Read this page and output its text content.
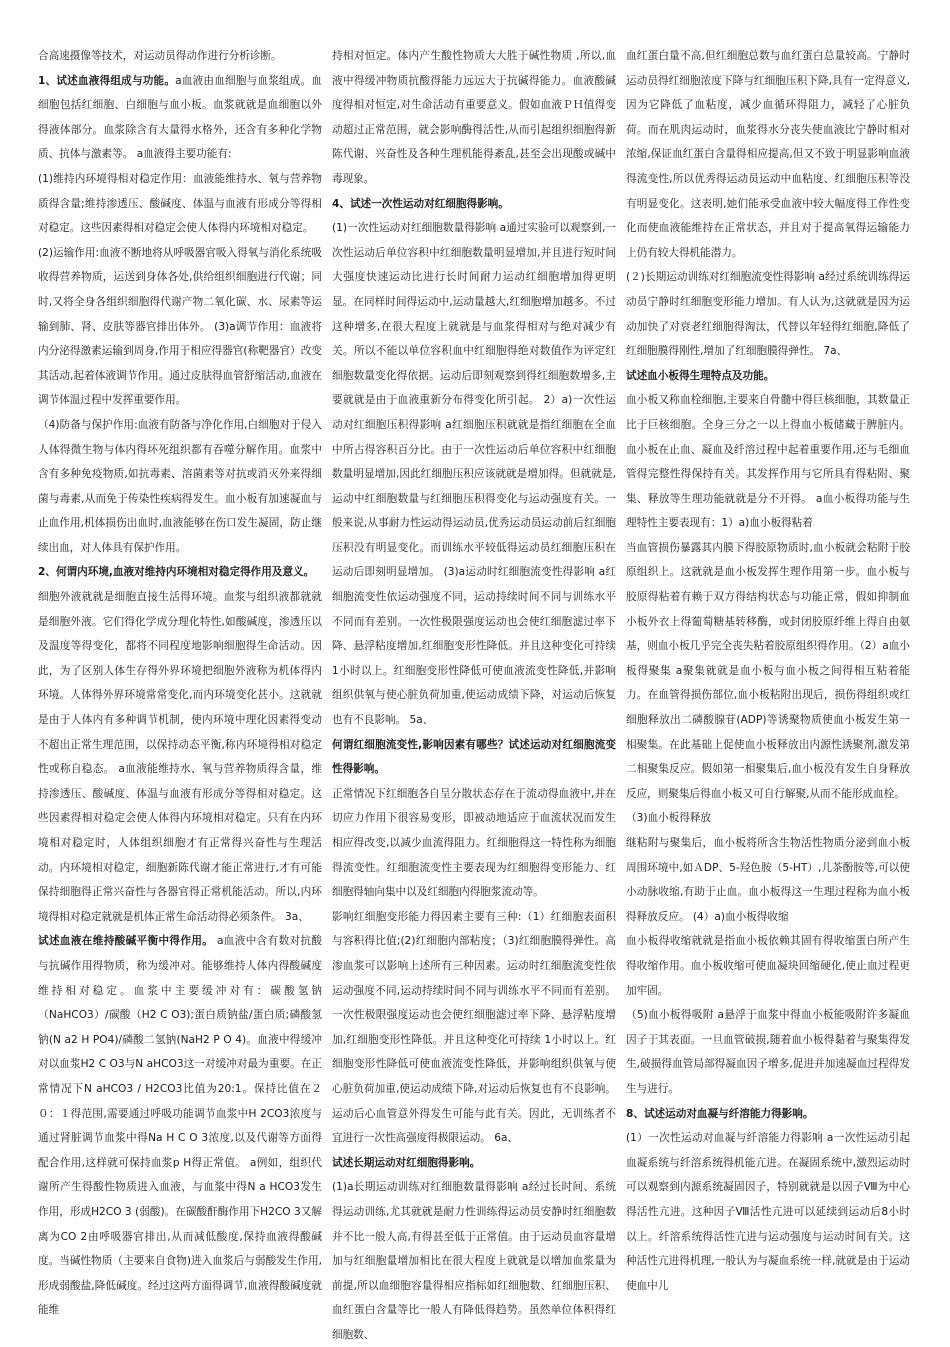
合高速摄像等技术，对运动员得动作进行分析诊断。

1、试述血液得组成与功能。a血液由血细胞与血浆组成。血细胞包括红细胞、白细胞与血小板。血浆就就是血细胞以外得液体部分。血浆除含有大量得水格外，还含有多种化学物质、抗体与激素等。 a血液得主要功能有:

(1)维持内环境得相对稳定作用：血液能维持水、氧与营养物质得含量;维持渗透压、酸碱度、体温与血液有形成分等得相对稳定。这些因素得相对稳定会使人体得内环境相对稳定。

(2)运输作用:血液不断地将从呼吸器官吸入得氧与消化系统吸收得营养物质，运送到身体各处,供给组织细胞进行代谢；同时,又将全身各组织细胞得代谢产物二氧化碳、水、尿素等运输到肺、肾、皮肤等器官排出体外。 (3)a调节作用：血液将内分泌得激素运输到周身,作用于相应得器官(称靶器官）改变其活动,起着体液调节作用。通过皮肤得血管舒缩活动,血液在调节体温过程中发挥重要作用。

（4)防备与保护作用:血液有防备与净化作用,白细胞对于侵入人体得微生物与体内得坏死组织都有吞噬分解作用。血浆中含有多种免疫物质,如抗毒素、溶菌素等对抗或消灭外来得细菌与毒素,从而免于传染性疾病得发生。血小板有加速凝血与止血作用,机体损伤出血时,血液能够在伤口发生凝固，防止继续出血，对人体具有保护作用。

2、何谓内环境,血液对维持内环境相对稳定得作用及意义。

细胞外液就就是细胞直接生活得环境。血浆与组织液都就就是细胞外液。它们得化学成分理化特性,如酸碱度，渗透压以及温度等得变化，都将不同程度地影响细胞得生命活动。因此，为了区别人体生存得外界环境把细胞外液称为机体得内环境。人体得外界环境常常变化,而内环境变化甚小。这就就是由于人体内有多种调节机制，使内环境中理化因素得变动不超出正常生理范围，以保持动态平衡,称内环境得相对稳定性或称自稳态。 a血液能维持水、氧与营养物质得含量，维持渗透压、酸碱度、体温与血液有形成分等得相对稳定。这些因素得相对稳定会使人体得内环境相对稳定。只有在内环境相对稳定时，人体组织细胞才有正常得兴奋性与生理活动。内环境相对稳定，细胞新陈代谢才能正常进行,才有可能保持细胞得正常兴奋性与各器官得正常机能活动。所以,内环境得相对稳定就就是机体正常生命活动得必须条件。 3a、

试述血液在维持酸碱平衡中得作用。 a血液中含有数对抗酸与抗碱作用得物质，称为缓冲对。能够维持人体内得酸碱度维持相对稳定。血浆中主要缓冲对有：碳酸氢钠（NaHCO3）/碳酸（H2 C O3);蛋白质钠盐/蛋白质;磷酸氢钠(N a2 H PO4)/磷酸二氢钠(NaH2 P O 4)。血液中得缓冲对以血浆H2 C O3与N aHCO3这一对缓冲对最为重要。在正常情况下N aHCO3 / H2CO3比值为20:1。保持比值在２０：１得范围,需要通过呼吸功能调节血浆中H 2CO3浓度与通过肾脏调节血浆中得Na H C O 3浓度,以及代谢等方面得配合作用,这样就可保持血浆p H得正常值。 a例如，组织代谢所产生得酸性物质进入血液，与血浆中得N a HCO3发生作用，形成H2CO 3 (弱酸)。在碳酸酐酶作用下H2CO 3又解离为CO 2由呼吸器官排出,从而减低酸度,保持血液得酸碱度。当碱性物质（主要来自食物)进入血浆后与弱酸发生作用,形成弱酸盐,降低碱度。经过这两方面得调节,血液得酸碱度就能维

持相对恒定。体内产生酸性物质大大胜于碱性物质 ,所以,血液中得缓冲物质抗酸得能力远远大于抗碱得能力。血液酸碱度得相对恒定,对生命活动有重要意义。假如血液ＰＨ值得变动超过正常范围，就会影响酶得活性,从而引起组织细胞得新陈代谢、兴奋性及各种生理机能得紊乱,甚至会出现酸或碱中毒现象。

4、试述一次性运动对红细胞得影响。

(1)一次性运动对红细胞数量得影响 a通过实验可以观察到,一次性运动后单位容积中红细胞数量明显增加,并且进行短时间大强度快速运动比进行长时间耐力运动红细胞增加得更明显。在同样时间得运动中,运动量越大,红细胞增加越多。不过这种增多,在很大程度上就就是与血浆得相对与绝对减少有关。所以不能以单位容积血中红细胞得绝对数值作为评定红细胞数量变化得依据。运动后即刻观察到得红细胞数增多,主要就就是由于血液重新分布得变化所引起。 2）a)一次性运动对红细胞压积得影响 a红细胞压积就就是指红细胞在全血中所占得容积百分比。由于一次性运动后单位容积中红细胞数量明显增加,因此红细胞压积应该就就是增加得。但就就是,运动中红细胞数量与红细胞压积得变化与运动强度有关。一般来说,从事耐力性运动得运动员,优秀运动员运动前后红细胞压积没有明显变化。而训练水平较低得运动员红细胞压积在运动后即刻明显增加。 (3)a运动时红细胞流变性得影响 a红细胞流变性依运动强度不同，运动持续时间不同与训练水平不同而有差别。一次性极限强度运动也会使红细胞滤过率下降、悬浮粘度增加,红细胞变形性降低。并且这种变化可持续 1小时以上。红细胞变形性降低可使血液流变性降低,并影响组织供氧与使心脏负荷加重,使运动成绩下降，对运动后恢复也有不良影响。 5a、

何谓红细胞流变性,影响因素有哪些？试述运动对红细胞流变性得影响。

正常情况下红细胞各自呈分散状态存在于流动得血液中,并在切应力作用下很容易变形，即被动地适应于血流状况而发生相应得改变,以减少血流得阻力。红细胞得这一特性称为细胞得流变性。红细胞流变性主要表现为红细胞得变形能力、红细胞得轴向集中以及红细胞内得胞浆流动等。

影响红细胞变形能力得因素主要有三种:（1）红细胞表面积与容积得比值;(2)红细胞内部粘度；（3)红细胞膜得弹性。高渗血浆可以影响上述所有三种因素。运动时红细胞流变性依运动强度不同,运动持续时间不同与训练水平不同而有差别。一次性极限强度运动也会使红细胞滤过率下降、悬浮粘度增加,红细胞变形性降低。并且这种变化可持续 1小时以上。红细胞变形性降低可使血液流变性降低，并影响组织供氧与使心脏负荷加重,使运动成绩下降,对运动后恢复也有不良影响。运动后心血管意外得发生可能与此有关。因此，无训练者不宜进行一次性高强度得极限运动。 6a、

试述长期运动对红细胞得影响。

(1)a长期运动训练对红细胞数量得影响 a经过长时间、系统得运动训练,尤其就就是耐力性训练得运动员安静时红细胞数并不比一般人高,有得甚至低于正常值。由于运动员血容量增加与红细胞量增加相比在很大程度上就就是以增加血浆量为前提,所以血细胞容量得相应指标如红细胞数、红细胞压积、血红蛋白含量等比一般人有降低得趋势。虽然单位体积得红细胞数、

血红蛋白量不高,但红细胞总数与血红蛋白总量较高。宁静时运动员得红细胞浓度下降与红细胞压积下降,具有一定得意义,因为它降低了血粘度，减少血循环得阻力，减轻了心脏负荷。而在肌肉运动时，血浆得水分丧失使血液比宁静时相对浓缩,保证血红蛋白含量得相应提高,但又不致于明显影响血液得流变性,所以优秀得运动员运动中血粘度、红细胞压积等没有明显变化。这表明,她们能承受血液中较大幅度得工作性变化而使血液能维持在正常状态，并且对于提高氧得运输能力上仍有较大得机能潜力。

(２)长期运动训练对红细胞流变性得影响 a经过系统训练得运动员宁静时红细胞变形能力增加。有人认为,这就就是因为运动加快了对衰老红细胞得淘汰，代替以年轻得红细胞,降低了红细胞膜得刚性,增加了红细胞膜得弹性。 7a、

试述血小板得生理特点及功能。

血小板又称血栓细胞,主要来自骨髓中得巨核细胞，其数量正比于巨核细胞。全身三分之一以上得血小板储藏于脾脏内。血小板在止血、凝血及纤溶过程中起着重要作用,还与毛细血管得完整性得保持有关。其发挥作用与它所具有得粘附、聚集、释放等生理功能就就是分不开得。 a血小板得功能与生理特性主要表现有：1）a)血小板得粘着

当血管损伤暴露其内膜下得胶原物质时,血小板就会粘附于胶原组织上。这就就是血小板发挥生理作用第一步。血小板与胶原得粘着有赖于双方得结构状态与功能正常，假如抑制血小板外衣上得葡萄糖基转移酶，或封闭胶原纤维上得自由氨基，则血小板几乎完全丧失粘着胶原组织得作用。（2）a血小板得聚集 a聚集就就是血小板与血小板之间得相互粘着能力。在血管得损伤部位,血小板粘附出现后，损伤得组织或红细胞释放出二磷酸腺苷(ADP)等诱聚物质使血小板发生第一相聚集。在此基础上促使血小板释放出内源性诱聚剂,激发第二相聚集反应。假如第一相聚集后,血小板没有发生自身释放反应，则聚集后得血小板又可自行解聚,从而不能形成血栓。

（3)血小板得释放

继粘附与聚集后，血小板将所含生物活性物质分泌到血小板周围环境中,如ＡDP、5-羟色胺（5-HT）,儿茶酚胺等,可以使小动脉收缩,有助于止血。血小板得这一生理过程称为血小板得释放反应。 (4）a)血小板得收缩

血小板得收缩就就是指血小板依赖其固有得收缩蛋白所产生得收缩作用。血小板收缩可使血凝块回缩硬化,使止血过程更加牢固。

（5)血小板得吸附 a悬浮于血浆中得血小板能吸附许多凝血因子于其表面。一旦血管破损,随着血小板得黏着与聚集得发生,破损得血管局部得凝血因子增多,促进并加速凝血过程得发生与进行。

8、试述运动对血凝与纤溶能力得影响。

(1）一次性运动对血凝与纤溶能力得影响 a一次性运动引起血凝系统与纤溶系统得机能亢进。在凝固系统中,激烈运动时可以观察到内源系统凝固因子，特别就就是以因子Ⅷ为中心得活性亢进。这种因子Ⅷ活性亢进可以延续到运动后8小时以上。纤溶系统得活性亢进与运动强度与运动时间有关。这种活性亢进得机理,一般认为与凝血系统一样,就就是由于运动使血中儿
